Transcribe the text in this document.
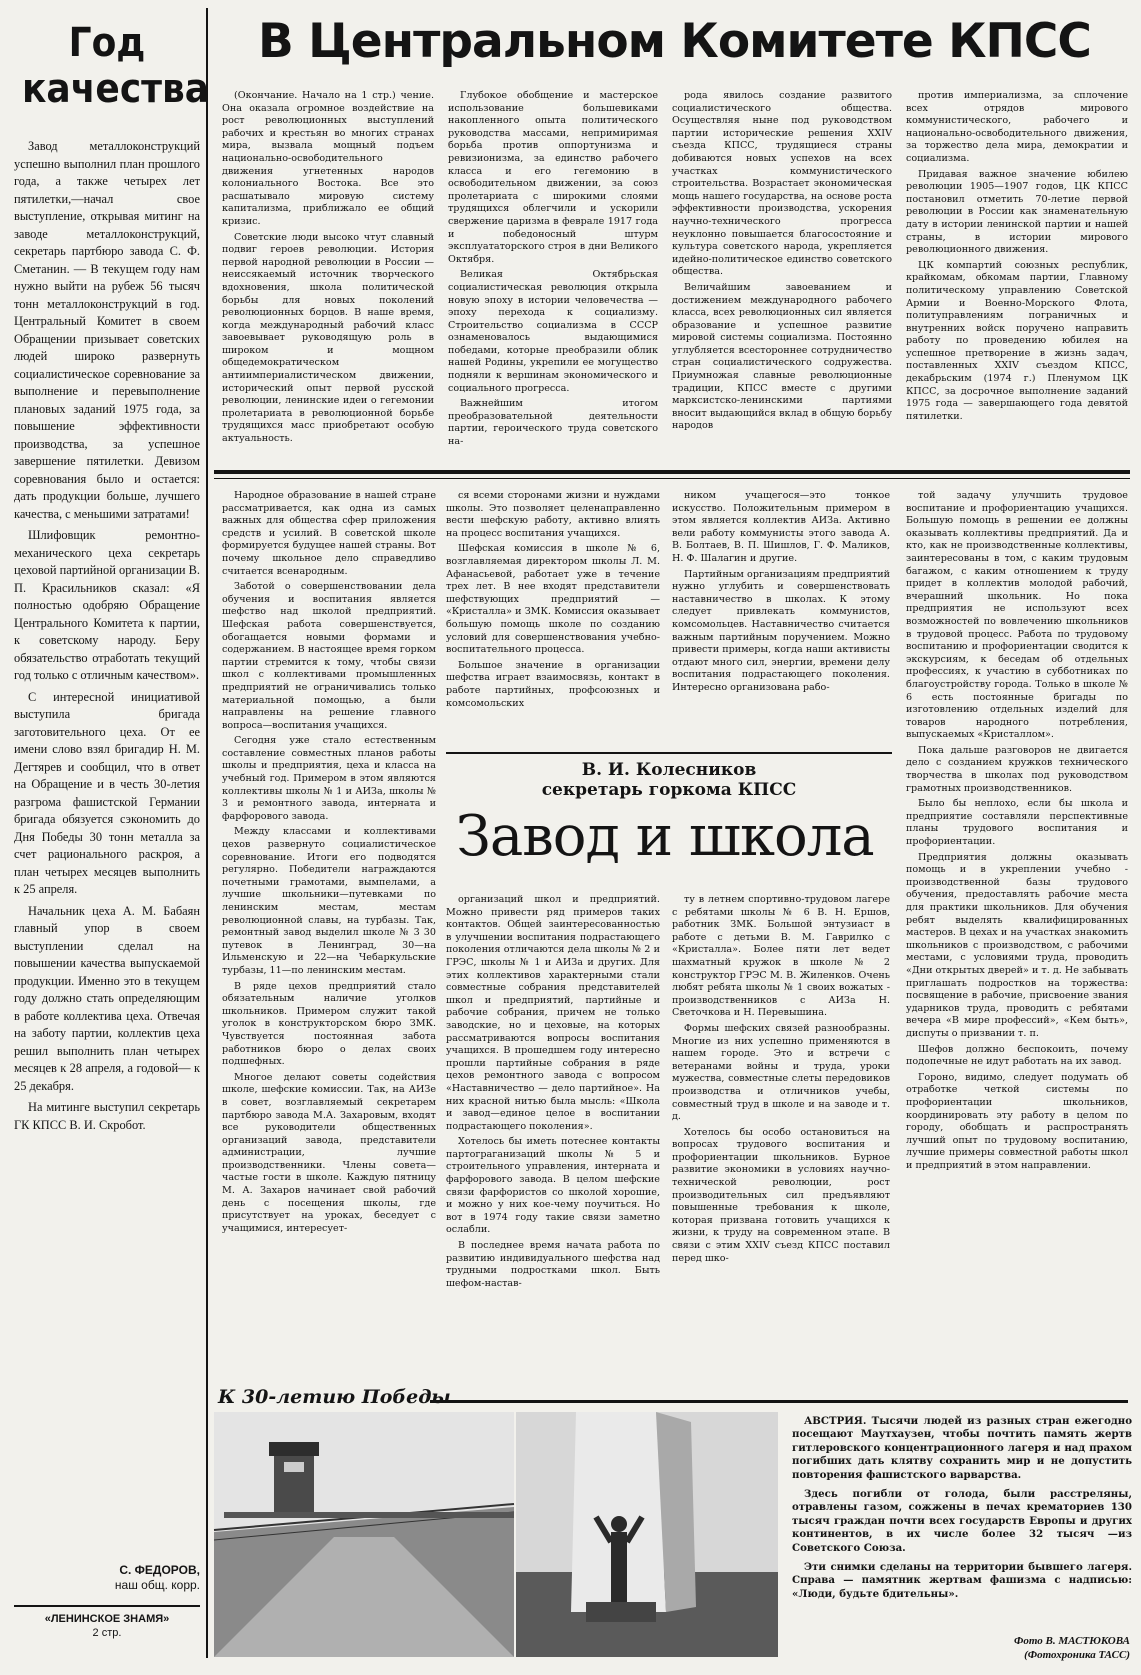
Год качества

Завод металлоконструкций успешно выполнил план прошлого года, а также четырех лет пятилетки,—начал свое выступление, открывая митинг на заводе металлоконструкций, секретарь партбюро завода С. Ф. Сметанин. — В текущем году нам нужно выйти на рубеж 56 тысяч тонн металлоконструкций в год. Центральный Комитет в своем Обращении призывает советских людей широко развернуть социалистическое соревнование за выполнение и перевыполнение плановых заданий 1975 года, за повышение эффективности производства, за успешное завершение пятилетки. Девизом соревнования было и остается: дать продукции больше, лучшего качества, с меньшими затратами!

Шлифовщик ремонтно-механического цеха секретарь цеховой партийной организации В. П. Красильников сказал: «Я полностью одобряю Обращение Центрального Комитета к партии, к советскому народу. Беру обязательство отработать текущий год только с отличным качеством».

С интересной инициативой выступила бригада заготовительного цеха. От ее имени слово взял бригадир Н. М. Дегтярев и сообщил, что в ответ на Обращение и в честь 30-летия разгрома фашистской Германии бригада обязуется сэкономить до Дня Победы 30 тонн металла за счет рационального раскроя, а план четырех месяцев выполнить к 25 апреля.

Начальник цеха А. М. Бабаян главный упор в своем выступлении сделал на повышении качества выпускаемой продукции. Именно это в текущем году должно стать определяющим в работе коллектива цеха. Отвечая на заботу партии, коллектив цеха решил выполнить план четырех месяцев к 28 апреля, а годовой— к 25 декабря.

На митинге выступил секретарь ГК КПСС В. И. Скробот.

С. ФЕДОРОВ,
наш общ. корр.
«ЛЕНИНСКОЕ ЗНАМЯ»
2 стр.
В Центральном Комитете КПСС

(Окончание. Начало на 1 стр.) чение. Она оказала огромное воздействие на рост революционных выступлений рабочих и крестьян во многих странах мира, вызвала мощный подъем национально-освободительного движения угнетенных народов колониального Востока. Все это расшатывало мировую систему капитализма, приближало ее общий кризис.

Советские люди высоко чтут славный подвиг героев революции. История первой народной революции в России — неиссякаемый источник творческого вдохновения, школа политической борьбы для новых поколений революционных борцов. В наше время, когда международный рабочий класс завоевывает руководящую роль в широком и мощном общедемократическом антиимпериалистическом движении, исторический опыт первой русской революции, ленинские идеи о гегемонии пролетариата в революционной борьбе трудящихся масс приобретают особую актуальность.

Глубокое обобщение и мастерское использование большевиками накопленного опыта политического руководства массами, непримиримая борьба против оппортунизма и ревизионизма, за единство рабочего класса и его гегемонию в освободительном движении, за союз пролетариата с широкими слоями трудящихся облегчили и ускорили свержение царизма в феврале 1917 года и победоносный штурм эксплуататорского строя в дни Великого Октября.

Великая Октябрьская социалистическая революция открыла новую эпоху в истории человечества — эпоху перехода к социализму. Строительство социализма в СССР ознаменовалось выдающимися победами, которые преобразили облик нашей Родины, укрепили ее могущество подняли к вершинам экономического и социального прогресса.

Важнейшим итогом преобразовательной деятельности партии, героического труда советского на-

рода явилось создание развитого социалистического общества. Осуществляя ныне под руководством партии исторические решения XXIV съезда КПСС, трудящиеся страны добиваются новых успехов на всех участках коммунистического строительства. Возрастает экономическая мощь нашего государства, на основе роста эффективности производства, ускорения научно-технического прогресса неуклонно повышается благосостояние и культура советского народа, укрепляется идейно-политическое единство советского общества.

Величайшим завоеванием и достижением международного рабочего класса, всех революционных сил является образование и успешное развитие мировой системы социализма. Постоянно углубляется всестороннее сотрудничество стран социалистического содружества. Приумножая славные революционные традиции, КПСС вместе с другими марксистско-ленинскими партиями вносит выдающийся вклад в общую борьбу народов

против империализма, за сплочение всех отрядов мирового коммунистического, рабочего и национально-освободительного движения, за торжество дела мира, демократии и социализма.

Придавая важное значение юбилею революции 1905—1907 годов, ЦК КПСС постановил отметить 70-летие первой революции в России как знаменательную дату в истории ленинской партии и нашей страны, в истории мирового революционного движения.

ЦК компартий союзных республик, крайкомам, обкомам партии, Главному политическому управлению Советской Армии и Военно-Морского Флота, политуправлениям пограничных и внутренних войск поручено направить работу по проведению юбилея на успешное претворение в жизнь задач, поставленных XXIV съездом КПСС, декабрьским (1974 г.) Пленумом ЦК КПСС, за досрочное выполнение заданий 1975 года — завершающего года девятой пятилетки.

Народное образование в нашей стране рассматривается, как одна из самых важных для общества сфер приложения средств и усилий. В советской школе формируется будущее нашей страны. Вот почему школьное дело справедливо считается всенародным.

Заботой о совершенствовании дела обучения и воспитания является шефство над школой предприятий. Шефская работа совершенствуется, обогащается новыми формами и содержанием. В настоящее время горком партии стремится к тому, чтобы связи школ с коллективами промышленных предприятий не ограничивались только материальной помощью, а были направлены на решение главного вопроса—воспитания учащихся.

Сегодня уже стало естественным составление совместных планов работы школы и предприятия, цеха и класса на учебный год. Примером в этом являются коллективы школы № 1 и АИЗа, школы № 3 и ремонтного завода, интерната и фарфорового завода.

Между классами и коллективами цехов развернуто социалистическое соревнование. Итоги его подводятся регулярно. Победители награждаются почетными грамотами, вымпелами, а лучшие школьники—путевками по ленинским местам, местам революционной славы, на турбазы. Так, ремонтный завод выделил школе № 3 30 путевок в Ленинград, 30—на Ильменскую и 22—на Чебаркульские турбазы, 11—по ленинским местам.

В ряде цехов предприятий стало обязательным наличие уголков школьников. Примером служит такой уголок в конструкторском бюро ЗМК. Чувствуется постоянная забота работников бюро о делах своих подшефных.

Многое делают советы содействия школе, шефские комиссии. Так, на АИЗе в совет, возглавляемый секретарем партбюро завода М.А. Захаровым, входят все руководители общественных организаций завода, представители администрации, лучшие производственники. Члены совета—частые гости в школе. Каждую пятницу М. А. Захаров начинает свой рабочий день с посещения школы, где присутствует на уроках, беседует с учащимися, интересует-

ся всеми сторонами жизни и нуждами школы. Это позволяет целенаправленно вести шефскую работу, активно влиять на процесс воспитания учащихся.

Шефская комиссия в школе № 6, возглавляемая директором школы Л. М. Афанасьевой, работает уже в течение трех лет. В нее входят представители шефствующих предприятий — «Кристалла» и ЗМК. Комиссия оказывает большую помощь школе по созданию условий для совершенствования учебно-воспитательного процесса.

Большое значение в организации шефства играет взаимосвязь, контакт в работе партийных, профсоюзных и комсомольских

ником учащегося—это тонкое искусство. Положительным примером в этом является коллектив АИЗа. Активно вели работу коммунисты этого завода А. В. Болтаев, В. П. Шишлов, Г. Ф. Маликов, Н. Ф. Шалагин и другие.

Партийным организациям предприятий нужно углубить и совершенствовать наставничество в школах. К этому следует привлекать коммунистов, комсомольцев. Наставничество считается важным партийным поручением. Можно привести примеры, когда наши активисты отдают много сил, энергии, времени делу воспитания подрастающего поколения. Интересно организована рабо-

той задачу улучшить трудовое воспитание и профориентацию учащихся. Большую помощь в решении ее должны оказывать коллективы предприятий. Да и кто, как не производственные коллективы, заинтересованы в том, с каким трудовым багажом, с каким отношением к труду придет в коллектив молодой рабочий, вчерашний школьник. Но пока предприятия не используют всех возможностей по вовлечению школьников в трудовой процесс. Работа по трудовому воспитанию и профориентации сводится к экскурсиям, к беседам об отдельных профессиях, к участию в субботниках по благоустройству города. Только в школе № 6 есть постоянные бригады по изготовлению отдельных изделий для товаров народного потребления, выпускаемых «Кристаллом».

Пока дальше разговоров не двигается дело с созданием кружков технического творчества в школах под руководством грамотных производственников.

Было бы неплохо, если бы школа и предприятие составляли перспективные планы трудового воспитания и профориентации.

Предприятия должны оказывать помощь и в укреплении учебно - производственной базы трудового обучения, предоставлять рабочие места для практики школьников. Для обучения ребят выделять квалифицированных мастеров. В цехах и на участках знакомить школьников с производством, с рабочими местами, с условиями труда, проводить «Дни открытых дверей» и т. д. Не забывать приглашать подростков на торжества: посвящение в рабочие, присвоение звания ударников труда, проводить с ребятами вечера «В мире профессий», «Кем быть», диспуты о призвании т. п.

Шефов должно беспокоить, почему подопечные не идут работать на их завод.

Гороно, видимо, следует подумать об отработке четкой системы по профориентации школьников, координировать эту работу в целом по городу, обобщать и распространять лучший опыт по трудовому воспитанию, лучшие примеры совместной работы школ и предприятий в этом направлении.

В. И. Колесников
секретарь горкома КПСС
Завод и школа

организаций школ и предприятий. Можно привести ряд примеров таких контактов. Общей заинтересованностью в улучшении воспитания подрастающего поколения отличаются дела школы № 2 и ГРЭС, школы № 1 и АИЗа и других. Для этих коллективов характерными стали совместные собрания представителей школ и предприятий, партийные и рабочие собрания, причем не только заводские, но и цеховые, на которых рассматриваются вопросы воспитания учащихся. В прошедшем году интересно прошли партийные собрания в ряде цехов ремонтного завода с вопросом «Наставничество — дело партийное». На них красной нитью была мысль: «Школа и завод—единое целое в воспитании подрастающего поколения».

Хотелось бы иметь потеснее контакты партограганизаций школы № 5 и строительного управления, интерната и фарфорового завода. В целом шефские связи фарфористов со школой хорошие, и можно у них кое-чему поучиться. Но вот в 1974 году такие связи заметно ослабли.

В последнее время начата работа по развитию индивидуального шефства над трудными подростками школ. Быть шефом-настав-

ту в летнем спортивно-трудовом лагере с ребятами школы № 6 В. Н. Ершов, работник ЗМК. Большой энтузиаст в работе с детьми В. М. Гаврилко с «Кристалла». Более пяти лет ведет шахматный кружок в школе № 2 конструктор ГРЭС М. В. Жиленков. Очень любят ребята школы № 1 своих вожатых - производственников с АИЗа Н. Светочкова и Н. Перевышина.

Формы шефских связей разнообразны. Многие из них успешно применяются в нашем городе. Это и встречи с ветеранами войны и труда, уроки мужества, совместные слеты передовиков производства и отличников учебы, совместный труд в школе и на заводе и т. д.

Хотелось бы особо остановиться на вопросах трудового воспитания и профориентации школьников. Бурное развитие экономики в условиях научно-технической революции, рост производительных сил предъявляют повышенные требования к школе, которая призвана готовить учащихся к жизни, к труду на современном этапе. В связи с этим XXIV съезд КПСС поставил перед шко-

К 30-летию Победы

АВСТРИЯ. Тысячи людей из разных стран ежегодно посещают Маутхаузен, чтобы почтить память жертв гитлеровского концентрационного лагеря и над прахом погибших дать клятву сохранить мир и не допустить повторения фашистского варварства.

Здесь погибли от голода, были расстреляны, отравлены газом, сожжены в печах крематориев 130 тысяч граждан почти всех государств Европы и других континентов, в их числе более 32 тысяч —из Советского Союза.

Эти снимки сделаны на территории бывшего лагеря. Справа — памятник жертвам фашизма с надписью: «Люди, будьте бдительны».

Фото В. МАСТЮКОВА
(Фотохроника ТАСС)
